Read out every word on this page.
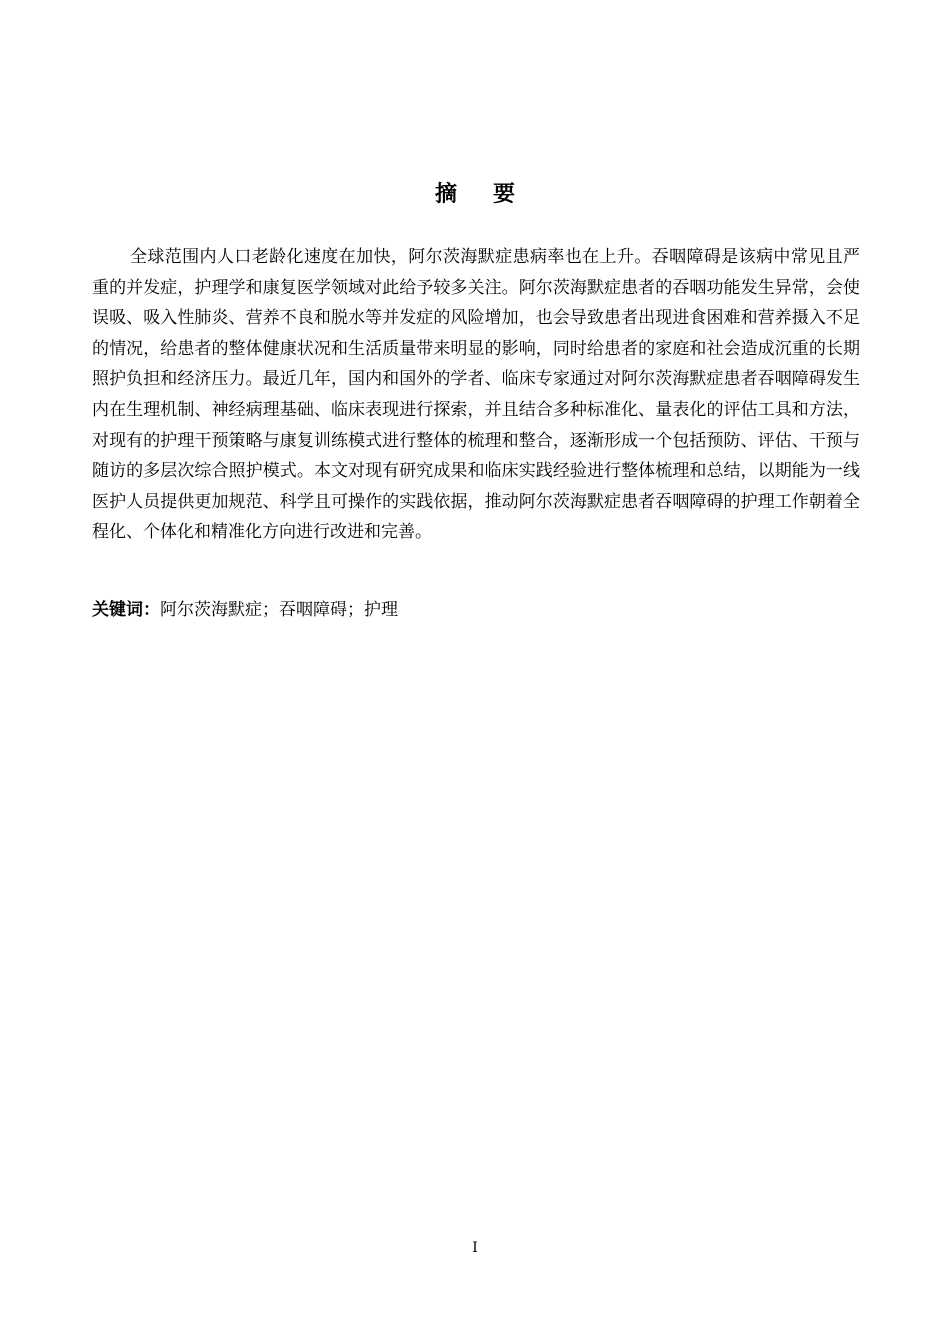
摘要

全球范围内人口老龄化速度在加快，阿尔茨海默症患病率也在上升。吞咽障碍是该病中常见且严重的并发症，护理学和康复医学领域对此给予较多关注。阿尔茨海默症患者的吞咽功能发生异常，会使误吸、吸入性肺炎、营养不良和脱水等并发症的风险增加，也会导致患者出现进食困难和营养摄入不足的情况，给患者的整体健康状况和生活质量带来明显的影响，同时给患者的家庭和社会造成沉重的长期照护负担和经济压力。最近几年，国内和国外的学者、临床专家通过对阿尔茨海默症患者吞咽障碍发生内在生理机制、神经病理基础、临床表现进行探索，并且结合多种标准化、量表化的评估工具和方法，对现有的护理干预策略与康复训练模式进行整体的梳理和整合，逐渐形成一个包括预防、评估、干预与随访的多层次综合照护模式。本文对现有研究成果和临床实践经验进行整体梳理和总结，以期能为一线医护人员提供更加规范、科学且可操作的实践依据，推动阿尔茨海默症患者吞咽障碍的护理工作朝着全程化、个体化和精准化方向进行改进和完善。

关键词：阿尔茨海默症；吞咽障碍；护理

I
